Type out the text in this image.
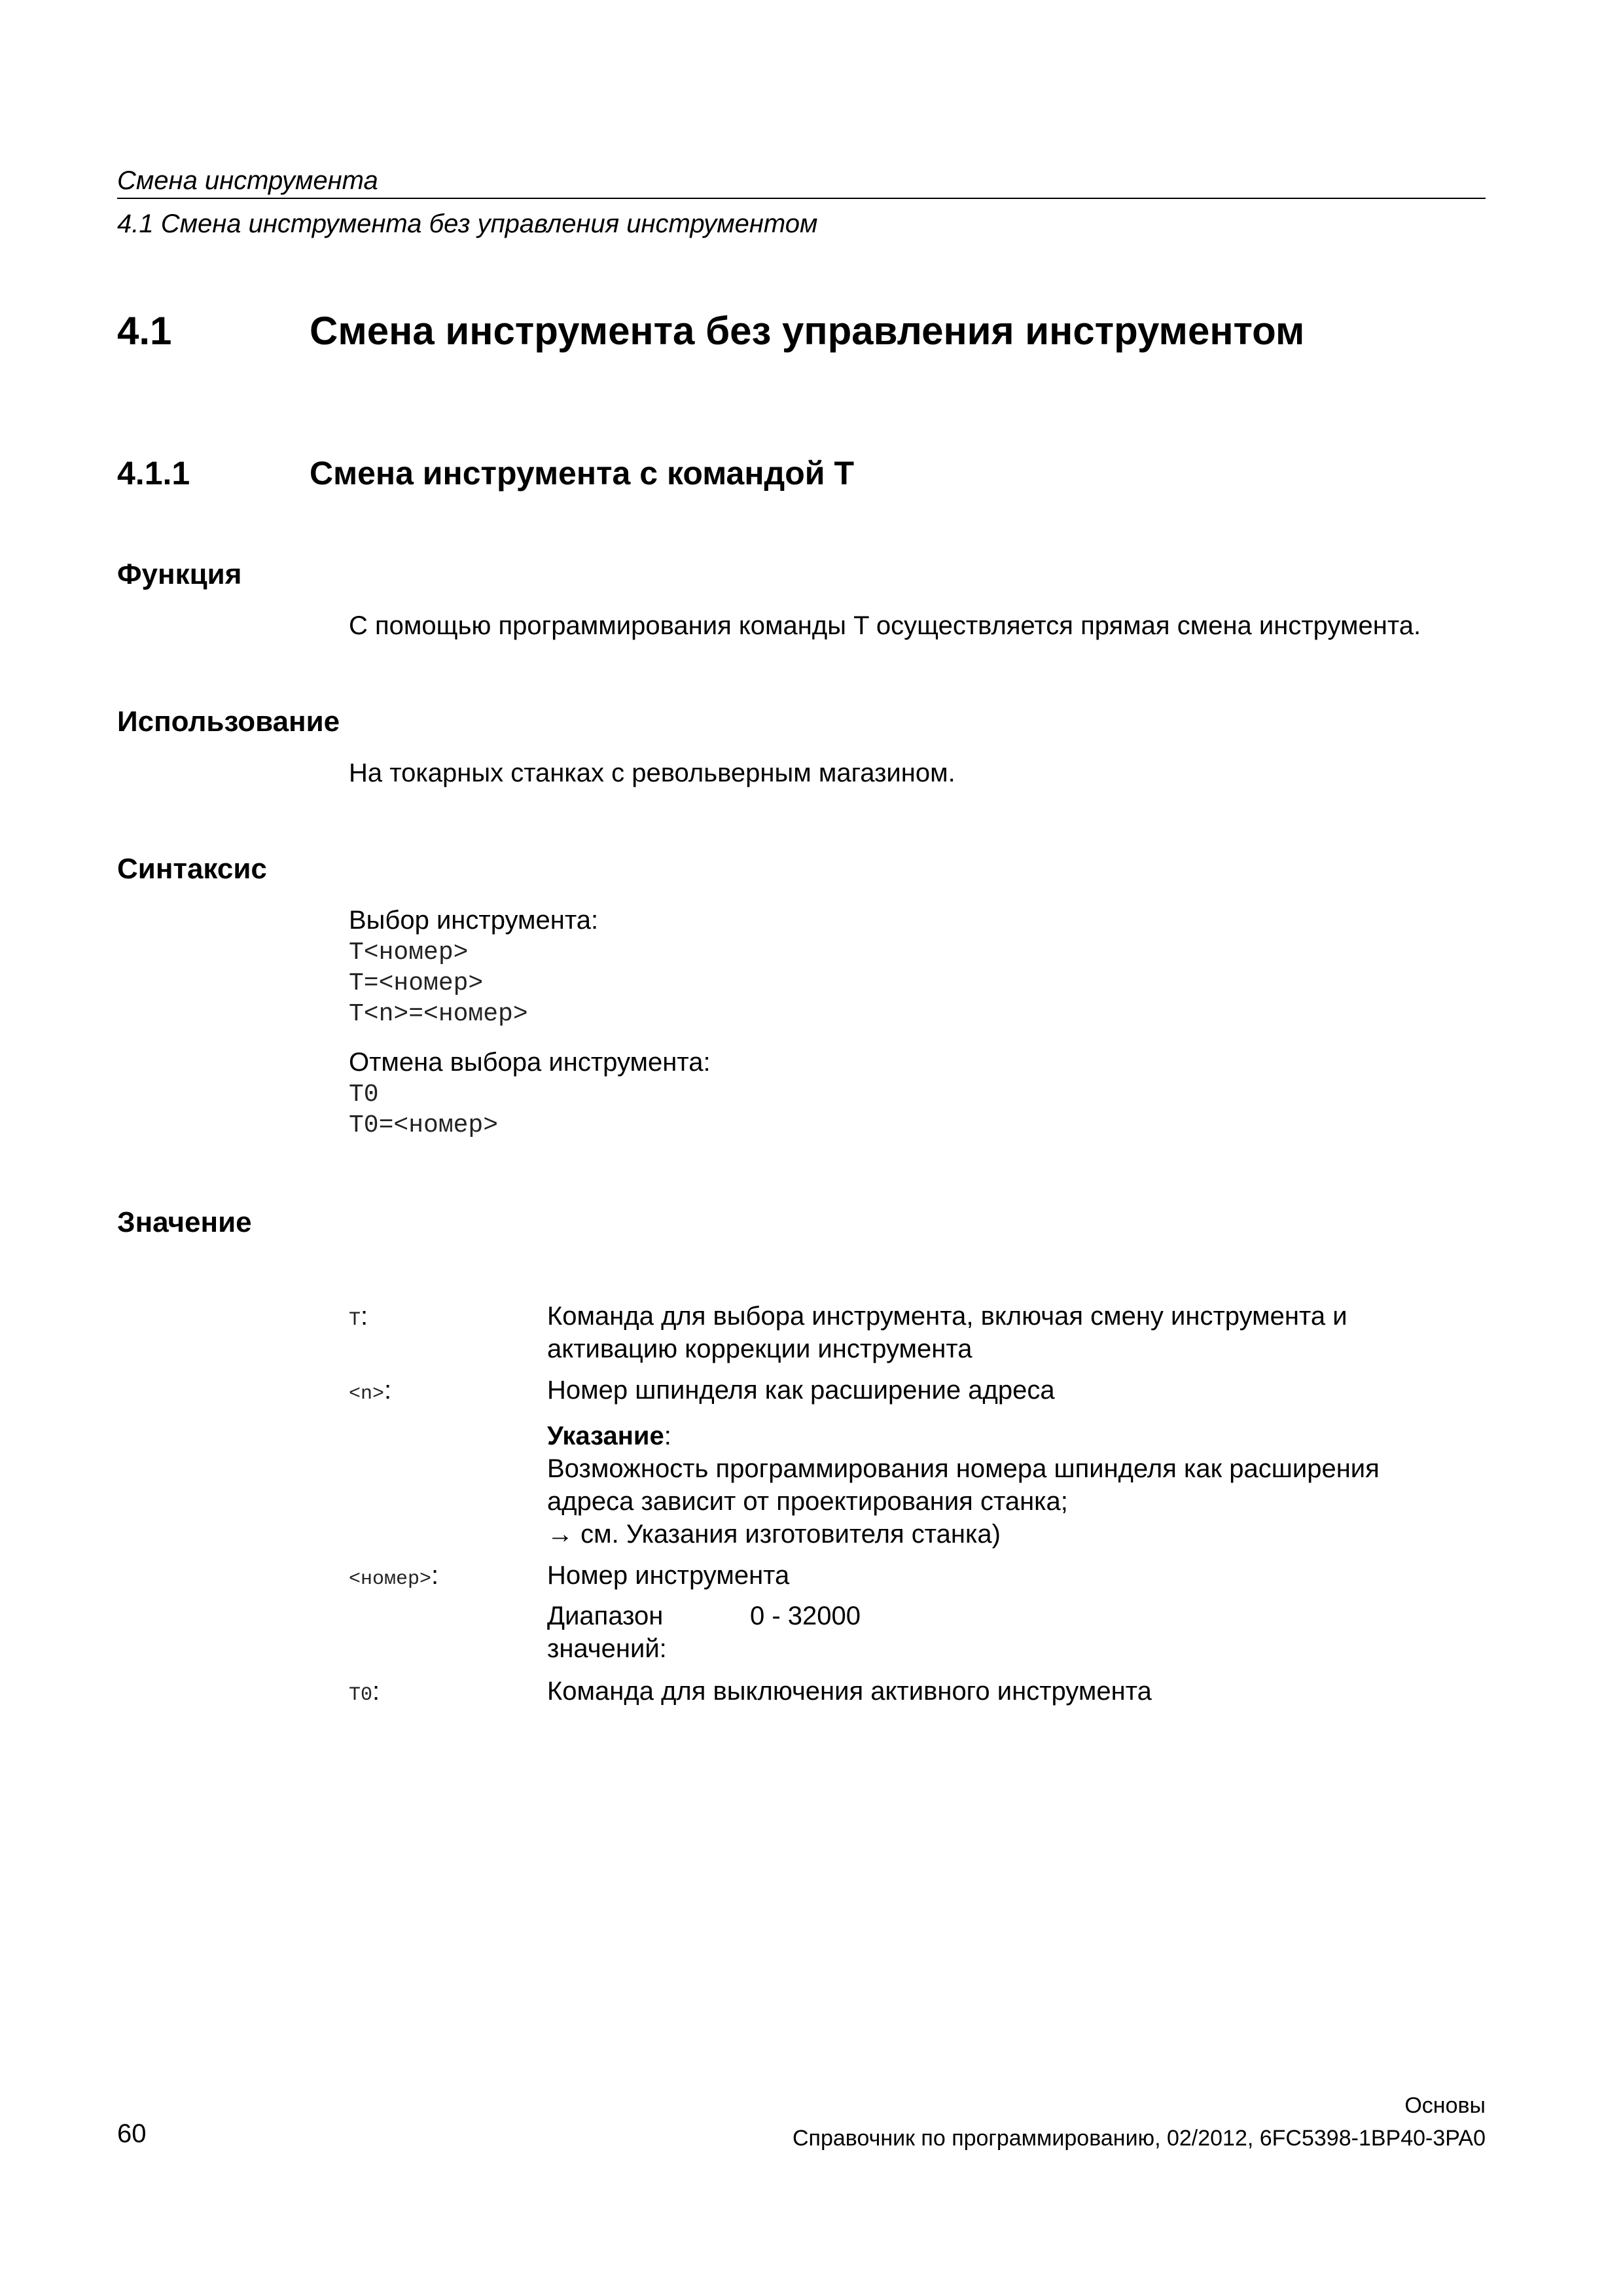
Смена инструмента
4.1 Смена инструмента без управления инструментом
4.1	Смена инструмента без управления инструментом
4.1.1	Смена инструмента с командой T
Функция
С помощью программирования команды T осуществляется прямая смена инструмента.
Использование
На токарных станках с револьверным магазином.
Синтаксис
Выбор инструмента:
T<номер>
T=<номер>
T<n>=<номер>
Отмена выбора инструмента:
T0
T0=<номер>
Значение
T:	Команда для выбора инструмента, включая смену инструмента и
активацию коррекции инструмента
<n>:	Номер шпинделя как расширение адреса
Указание:
Возможность программирования номера шпинделя как расширения
адреса зависит от проектирования станка;
→ см. Указания изготовителя станка)
<номер>:	Номер инструмента
Диапазон
значений:
0 - 32000
T0:	Команда для выключения активного инструмента
Основы
60	Справочник по программированию, 02/2012, 6FC5398-1BP40-3PA0
